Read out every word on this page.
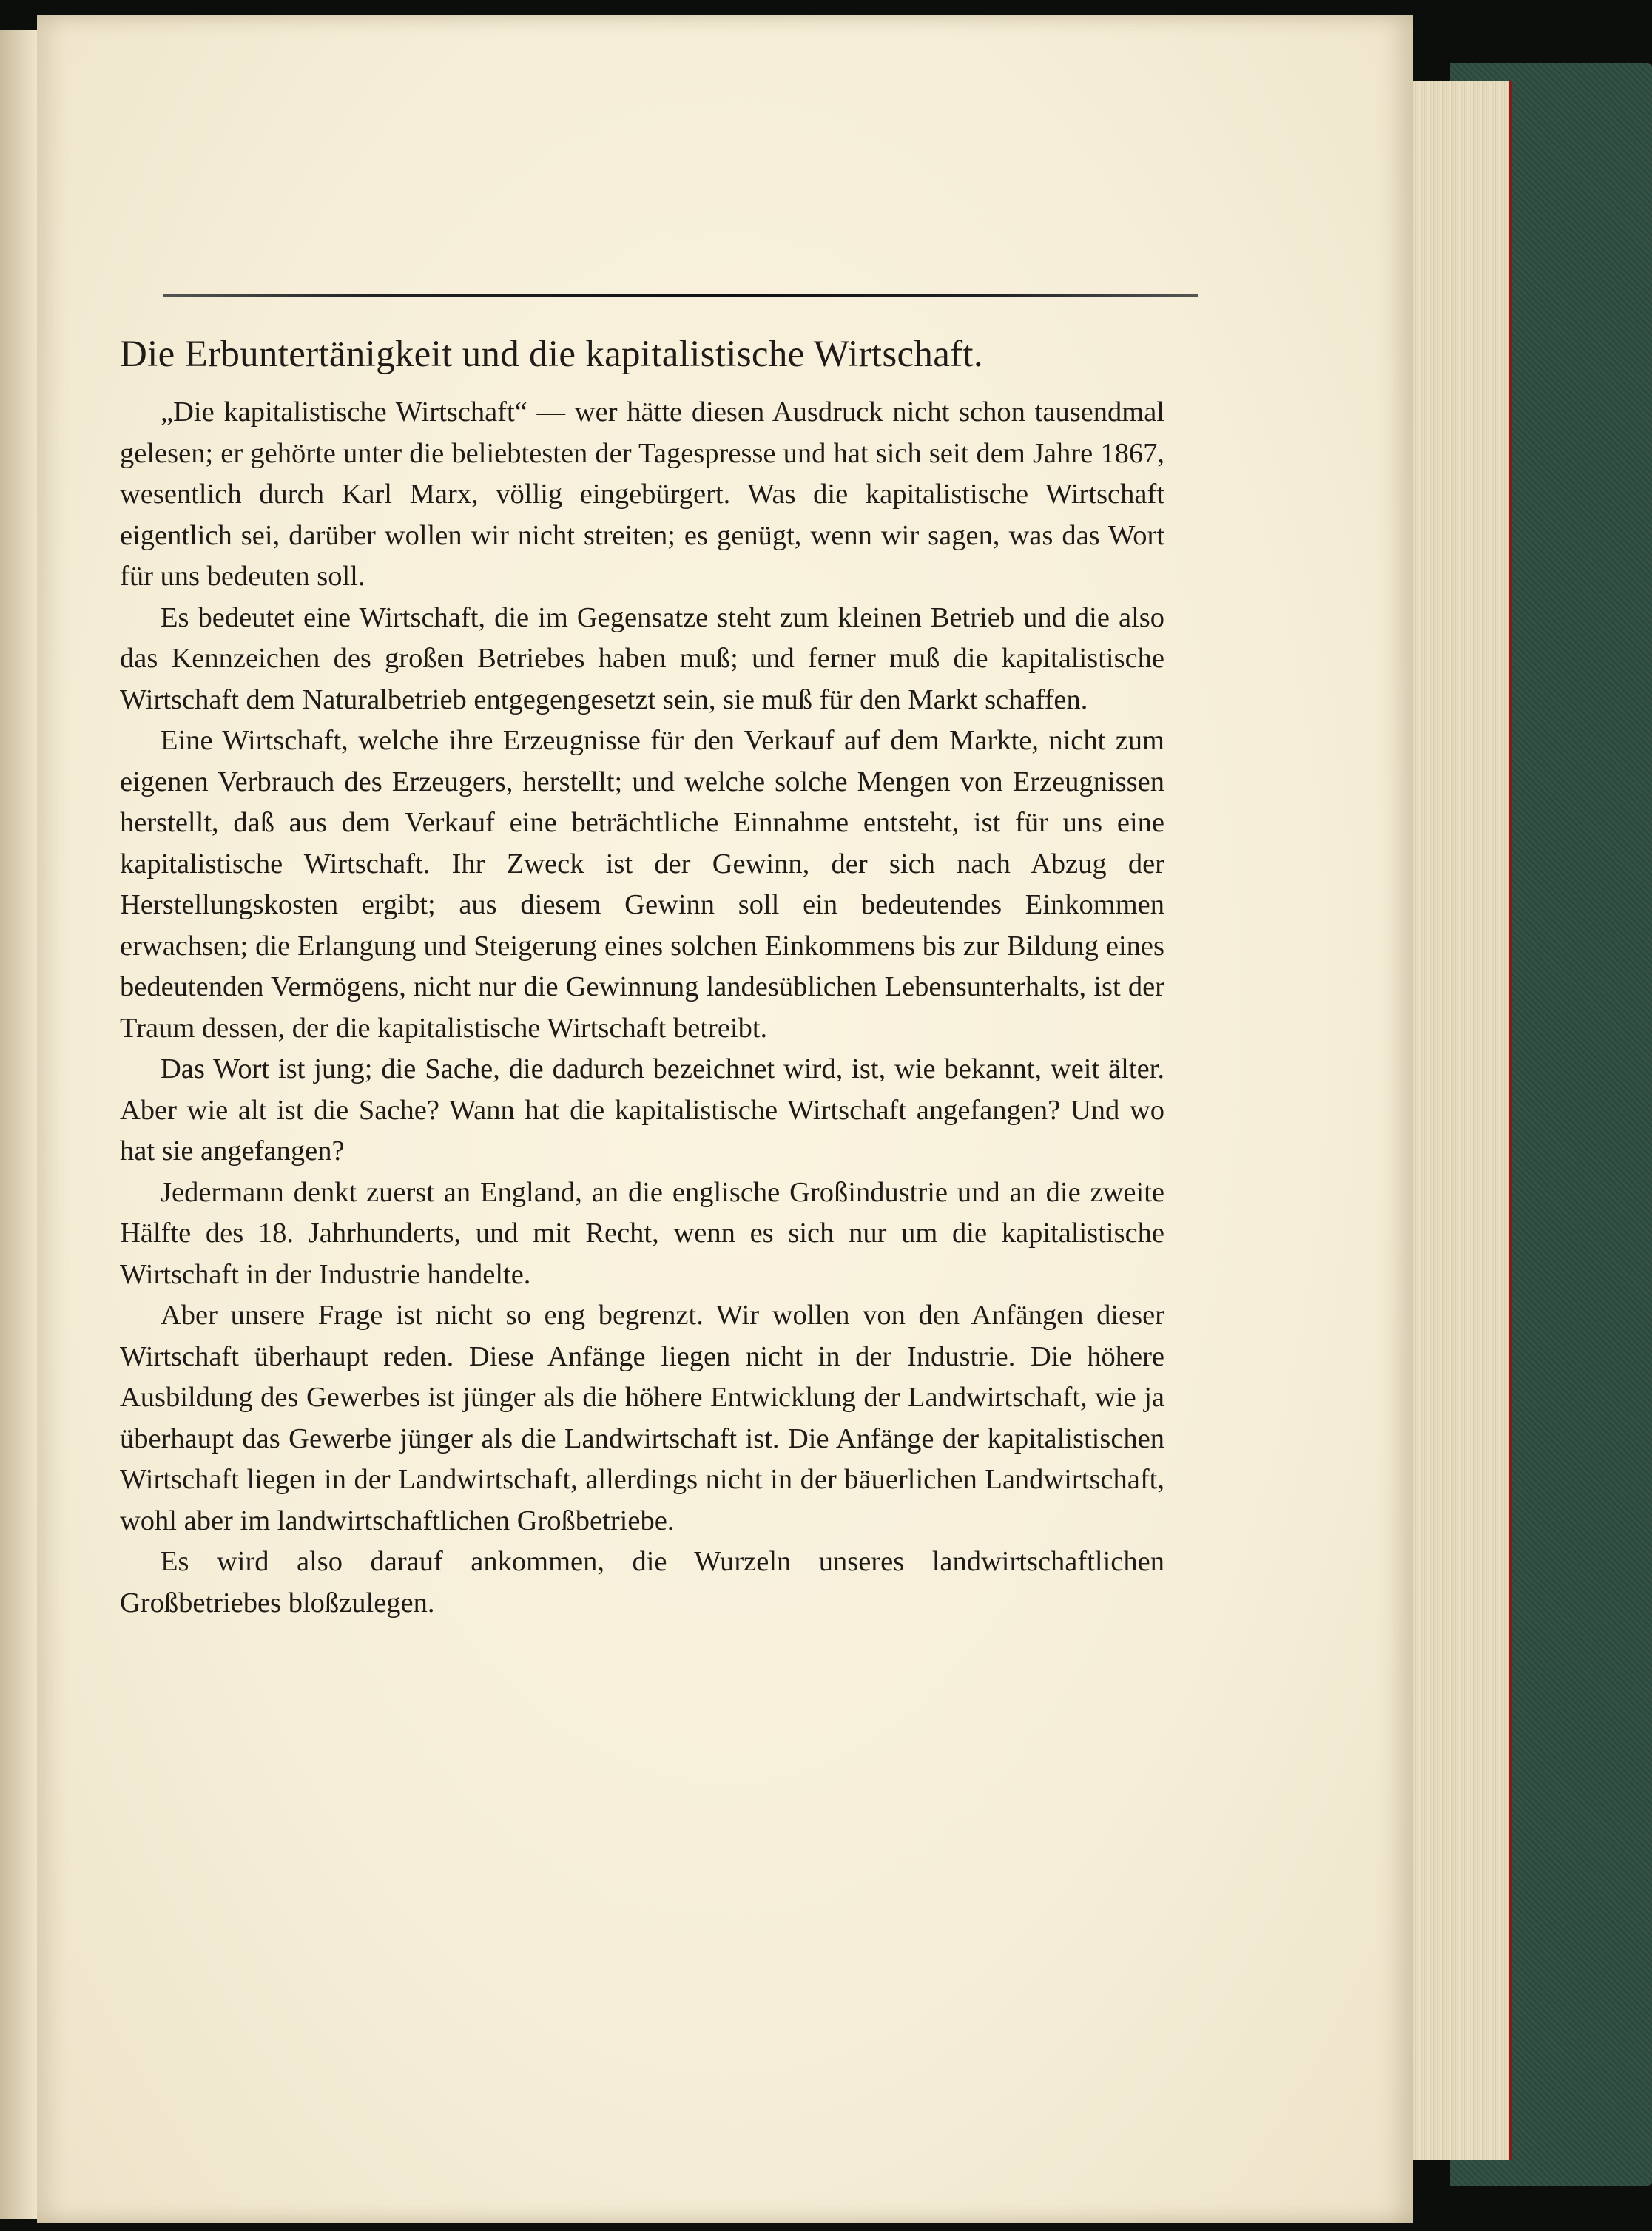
Die Erbuntertänigkeit und die kapitalistische Wirtschaft.

„Die kapitalistische Wirtschaft“ — wer hätte diesen Ausdruck nicht schon tausendmal gelesen; er gehörte unter die beliebtesten der Tagespresse und hat sich seit dem Jahre 1867, wesentlich durch Karl Marx, völlig eingebürgert. Was die kapitalistische Wirtschaft eigentlich sei, darüber wollen wir nicht streiten; es genügt, wenn wir sagen, was das Wort für uns bedeuten soll.

Es bedeutet eine Wirtschaft, die im Gegensatze steht zum kleinen Betrieb und die also das Kennzeichen des großen Betriebes haben muß; und ferner muß die kapitalistische Wirtschaft dem Naturalbetrieb entgegengesetzt sein, sie muß für den Markt schaffen.

Eine Wirtschaft, welche ihre Erzeugnisse für den Verkauf auf dem Markte, nicht zum eigenen Verbrauch des Erzeugers, herstellt; und welche solche Mengen von Erzeugnissen herstellt, daß aus dem Verkauf eine beträchtliche Einnahme entsteht, ist für uns eine kapitalistische Wirtschaft. Ihr Zweck ist der Gewinn, der sich nach Abzug der Herstellungskosten ergibt; aus diesem Gewinn soll ein bedeutendes Einkommen erwachsen; die Erlangung und Steigerung eines solchen Einkommens bis zur Bildung eines bedeutenden Vermögens, nicht nur die Gewinnung landesüblichen Lebensunterhalts, ist der Traum dessen, der die kapitalistische Wirtschaft betreibt.

Das Wort ist jung; die Sache, die dadurch bezeichnet wird, ist, wie bekannt, weit älter. Aber wie alt ist die Sache? Wann hat die kapitalistische Wirtschaft angefangen? Und wo hat sie angefangen?

Jedermann denkt zuerst an England, an die englische Großindustrie und an die zweite Hälfte des 18. Jahrhunderts, und mit Recht, wenn es sich nur um die kapitalistische Wirtschaft in der Industrie handelte.

Aber unsere Frage ist nicht so eng begrenzt. Wir wollen von den Anfängen dieser Wirtschaft überhaupt reden. Diese Anfänge liegen nicht in der Industrie. Die höhere Ausbildung des Gewerbes ist jünger als die höhere Entwicklung der Landwirtschaft, wie ja überhaupt das Gewerbe jünger als die Landwirtschaft ist. Die Anfänge der kapitalistischen Wirtschaft liegen in der Landwirtschaft, allerdings nicht in der bäuerlichen Landwirtschaft, wohl aber im landwirtschaftlichen Großbetriebe.

Es wird also darauf ankommen, die Wurzeln unseres landwirtschaftlichen Großbetriebes bloßzulegen.
